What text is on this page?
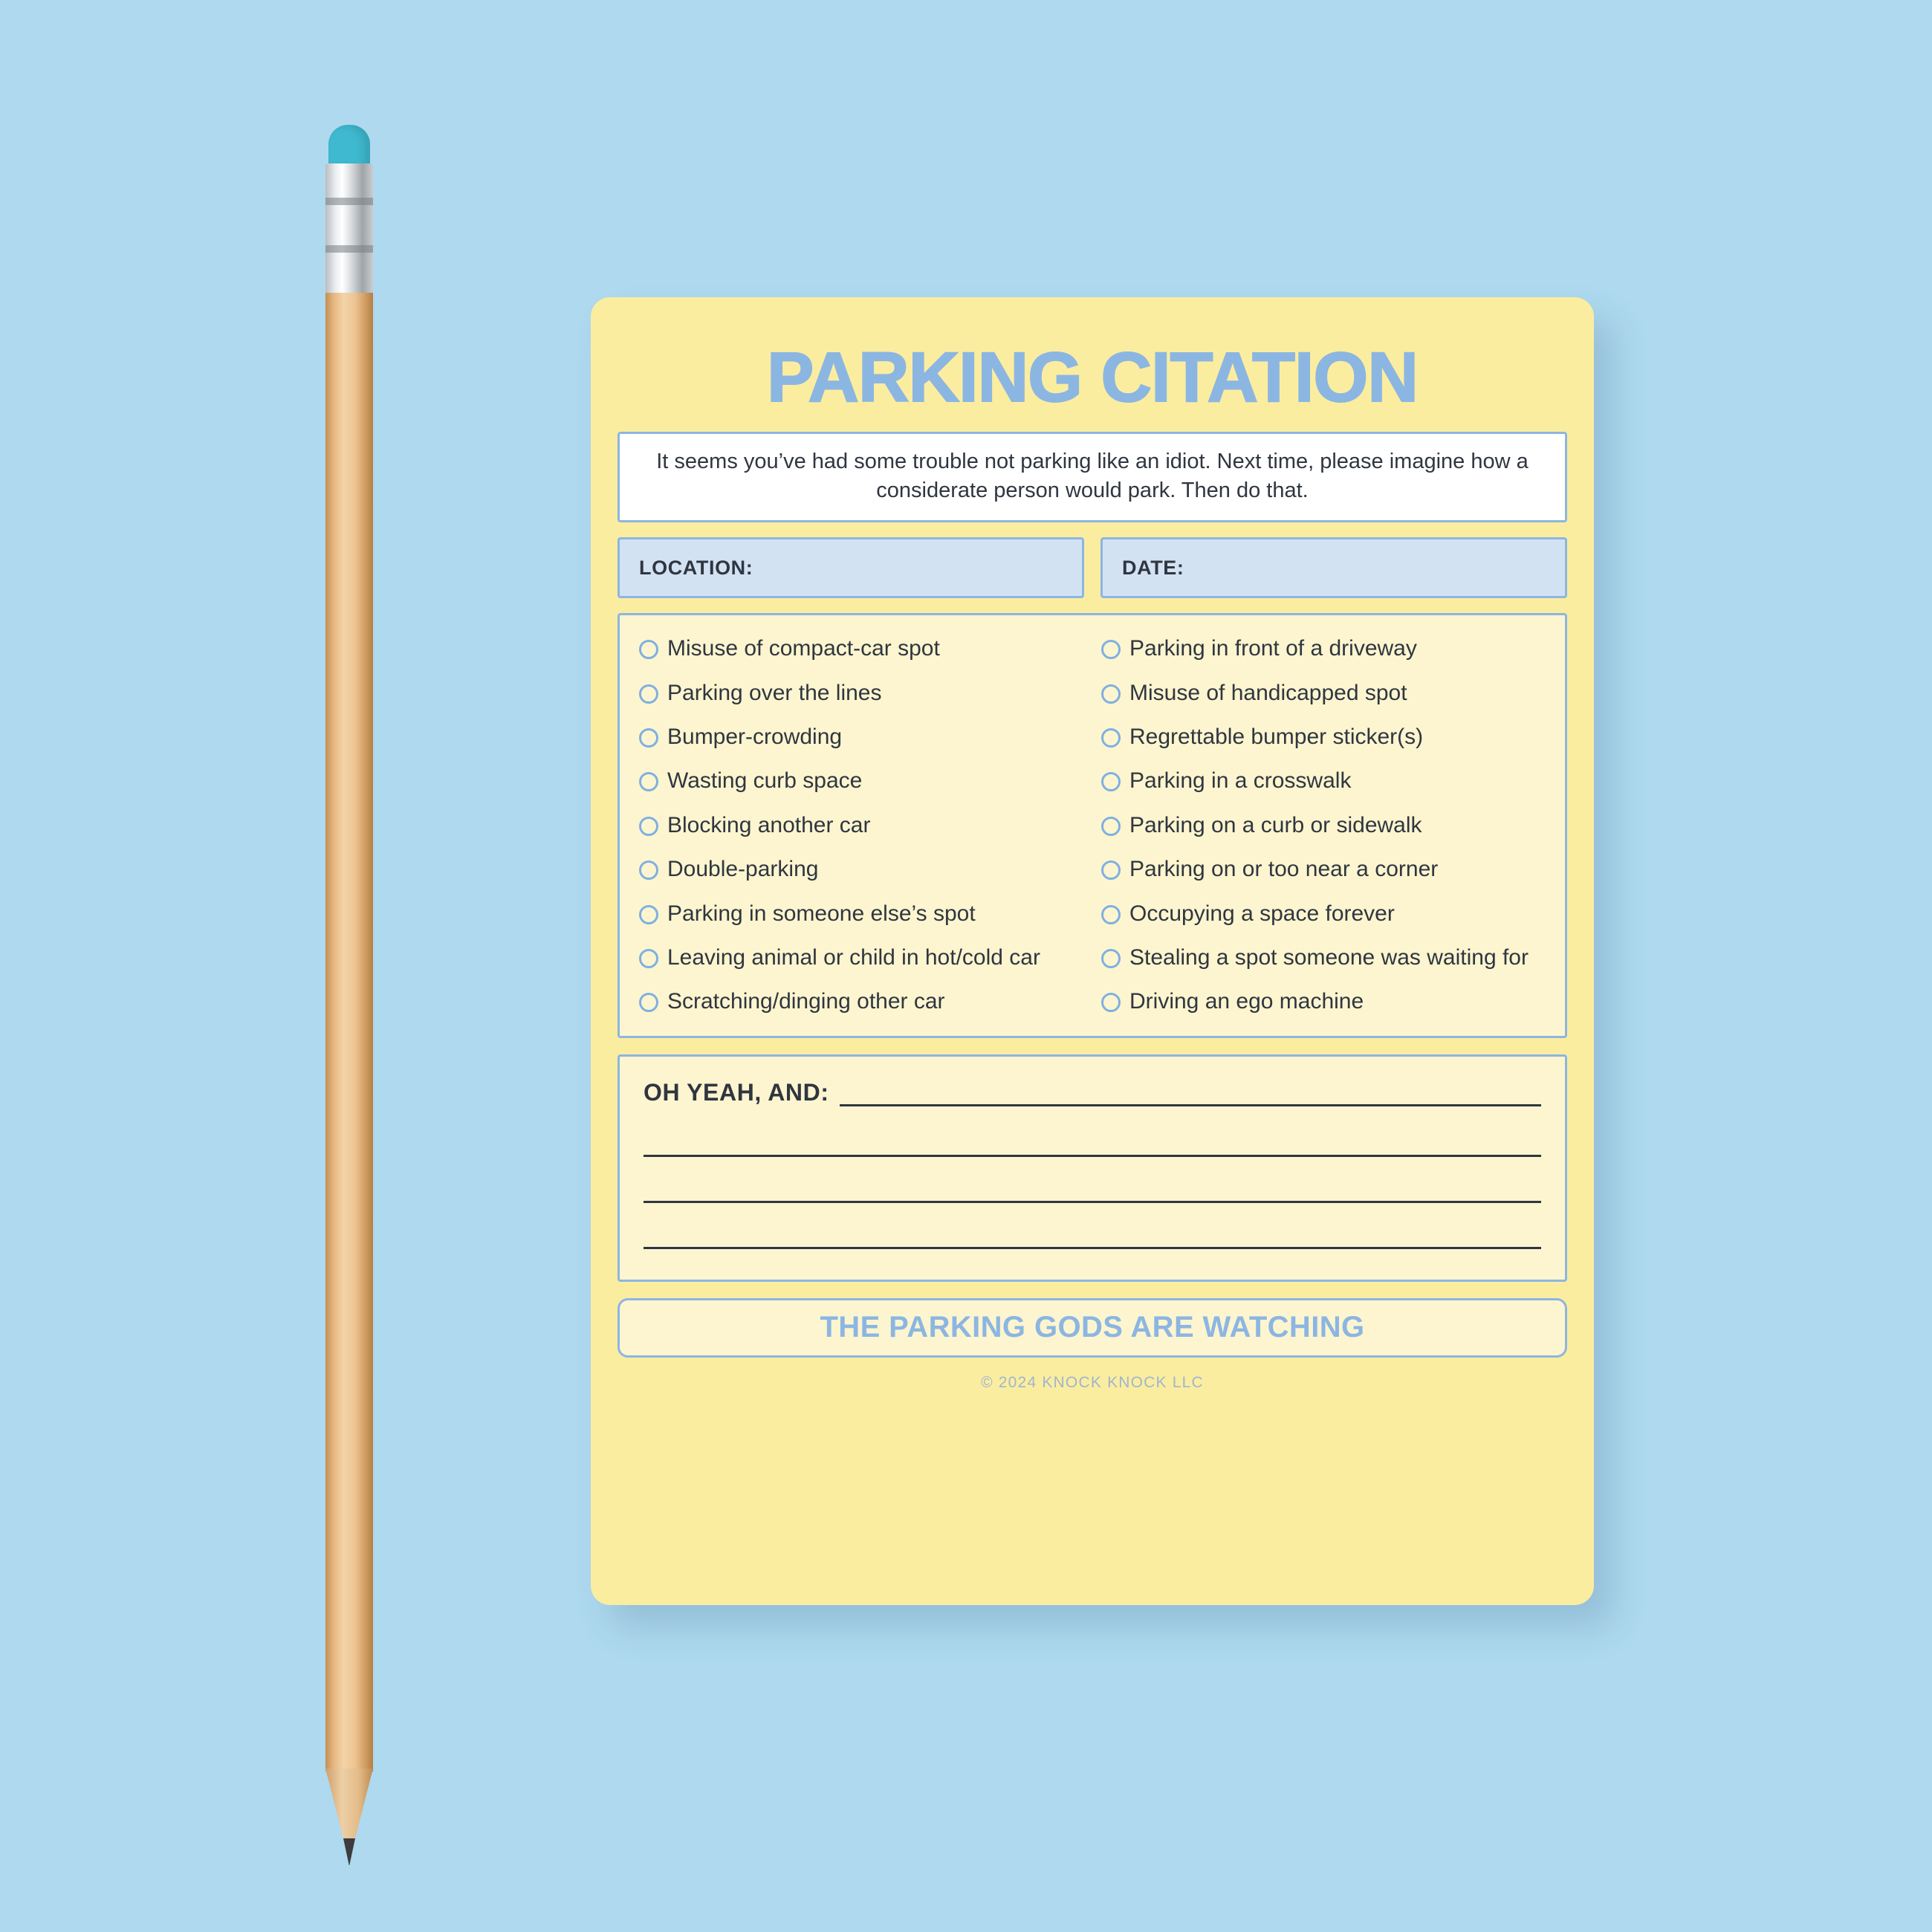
PARKING CITATION
It seems you’ve had some trouble not parking like an idiot. Next time, please imagine how a considerate person would park. Then do that.
LOCATION:	DATE:
Misuse of compact-car spot
Parking over the lines
Bumper-crowding
Wasting curb space
Blocking another car
Double-parking
Parking in someone else’s spot
Leaving animal or child in hot/cold car
Scratching/dinging other car
Parking in front of a driveway
Misuse of handicapped spot
Regrettable bumper sticker(s)
Parking in a crosswalk
Parking on a curb or sidewalk
Parking on or too near a corner
Occupying a space forever
Stealing a spot someone was waiting for
Driving an ego machine
OH YEAH, AND:
THE PARKING GODS ARE WATCHING
© 2024 KNOCK KNOCK LLC
